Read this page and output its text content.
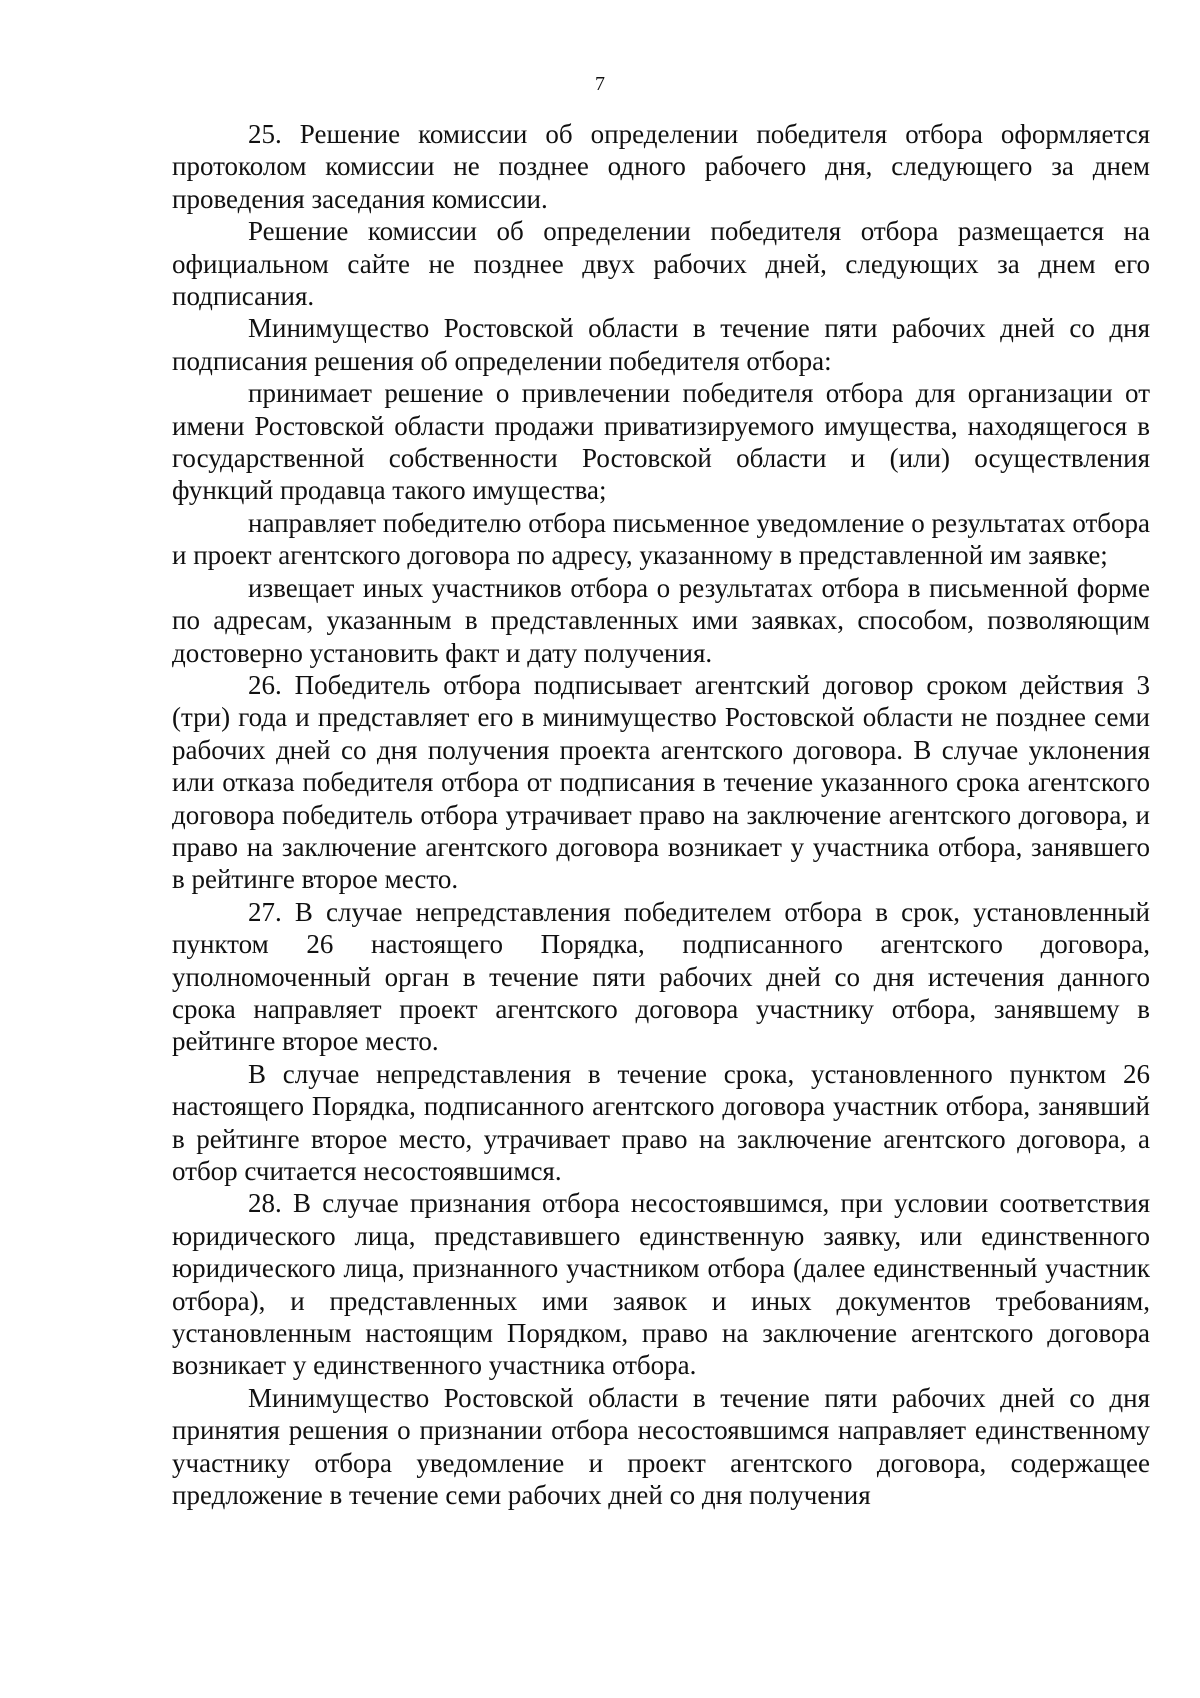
7

25. Решение комиссии об определении победителя отбора оформляется протоколом комиссии не позднее одного рабочего дня, следующего за днем проведения заседания комиссии.

Решение комиссии об определении победителя отбора размещается на официальном сайте не позднее двух рабочих дней, следующих за днем его подписания.

Минимущество Ростовской области в течение пяти рабочих дней со дня подписания решения об определении победителя отбора:

принимает решение о привлечении победителя отбора для организации от имени Ростовской области продажи приватизируемого имущества, находящегося в государственной собственности Ростовской области и (или) осуществления функций продавца такого имущества;

направляет победителю отбора письменное уведомление о результатах отбора и проект агентского договора по адресу, указанному в представленной им заявке;

извещает иных участников отбора о результатах отбора в письменной форме по адресам, указанным в представленных ими заявках, способом, позволяющим достоверно установить факт и дату получения.

26. Победитель отбора подписывает агентский договор сроком действия 3 (три) года и представляет его в минимущество Ростовской области не позднее семи рабочих дней со дня получения проекта агентского договора. В случае уклонения или отказа победителя отбора от подписания в течение указанного срока агентского договора победитель отбора утрачивает право на заключение агентского договора, и право на заключение агентского договора возникает у участника отбора, занявшего в рейтинге второе место.

27. В случае непредставления победителем отбора в срок, установленный пунктом 26 настоящего Порядка, подписанного агентского договора, уполномоченный орган в течение пяти рабочих дней со дня истечения данного срока направляет проект агентского договора участнику отбора, занявшему в рейтинге второе место.

В случае непредставления в течение срока, установленного пунктом 26 настоящего Порядка, подписанного агентского договора участник отбора, занявший в рейтинге второе место, утрачивает право на заключение агентского договора, а отбор считается несостоявшимся.

28. В случае признания отбора несостоявшимся, при условии соответствия юридического лица, представившего единственную заявку, или единственного юридического лица, признанного участником отбора (далее единственный участник отбора), и представленных ими заявок и иных документов требованиям, установленным настоящим Порядком, право на заключение агентского договора возникает у единственного участника отбора.

Минимущество Ростовской области в течение пяти рабочих дней со дня принятия решения о признании отбора несостоявшимся направляет единственному участнику отбора уведомление и проект агентского договора, содержащее предложение в течение семи рабочих дней со дня получения
